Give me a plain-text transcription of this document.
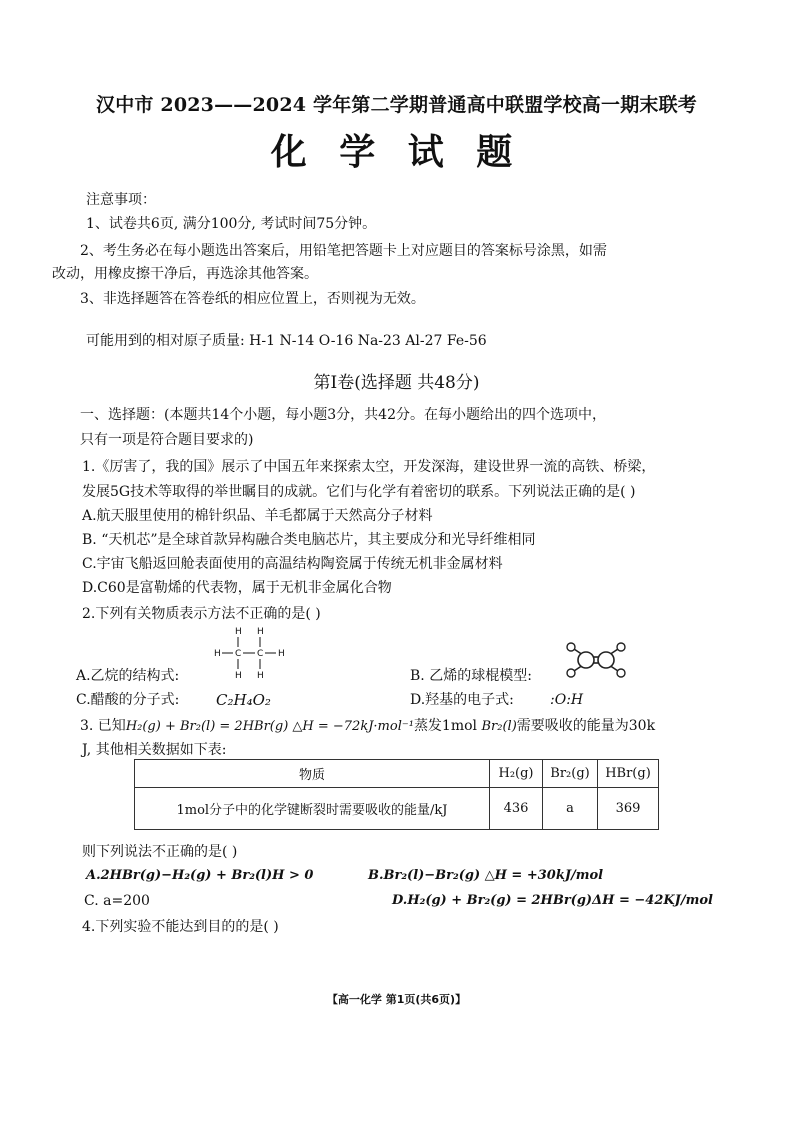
汉中市 2023——2024 学年第二学期普通高中联盟学校高一期末联考
化 学 试 题
注意事项：
1、试卷共6页, 满分100分, 考试时间75分钟。
2、考生务必在每小题选出答案后，用铅笔把答题卡上对应题目的答案标号涂黑，如需
改动，用橡皮擦干净后，再选涂其他答案。
3、非选择题答在答卷纸的相应位置上，否则视为无效。
可能用到的相对原子质量: H-1 N-14 O-16 Na-23 Al-27 Fe-56
第Ⅰ卷(选择题 共48分)
一、选择题：(本题共14个小题，每小题3分，共42分。在每小题给出的四个选项中，
只有一项是符合题目要求的)
1.《厉害了，我的国》展示了中国五年来探索太空，开发深海，建设世界一流的高铁、桥梁，
发展5G技术等取得的举世瞩目的成就。它们与化学有着密切的联系。下列说法正确的是( )
A.航天服里使用的棉针织品、羊毛都属于天然高分子材料
B. “天机芯”是全球首款异构融合类电脑芯片，其主要成分和光导纤维相同
C.宇宙飞船返回舱表面使用的高温结构陶瓷属于传统无机非金属材料
D.C60是富勒烯的代表物，属于无机非金属化合物
2.下列有关物质表示方法不正确的是( )
H H
H C C H
H H
A.乙烷的结构式:	B. 乙烯的球棍模型:
C.醋酸的分子式: C₂H₄O₂	D.羟基的电子式:	:O:H
3. 已知H₂(g) + Br₂(l) = 2HBr(g) △H = −72kJ·mol⁻¹蒸发1mol Br₂(l)需要吸收的能量为30k
J, 其他相关数据如下表:
物质	H₂(g)	Br₂(g)	HBr(g)
1mol分子中的化学键断裂时需要吸收的能量/kJ	436	a	369
则下列说法不正确的是( )
A.2HBr(g)−H₂(g) + Br₂(l)H > 0	B.Br₂(l)−Br₂(g) △H = +30kJ/mol
C. a=200	D.H₂(g) + Br₂(g) = 2HBr(g)ΔH = −42KJ/mol
4.下列实验不能达到目的的是( )
【高一化学 第1页(共6页)】
